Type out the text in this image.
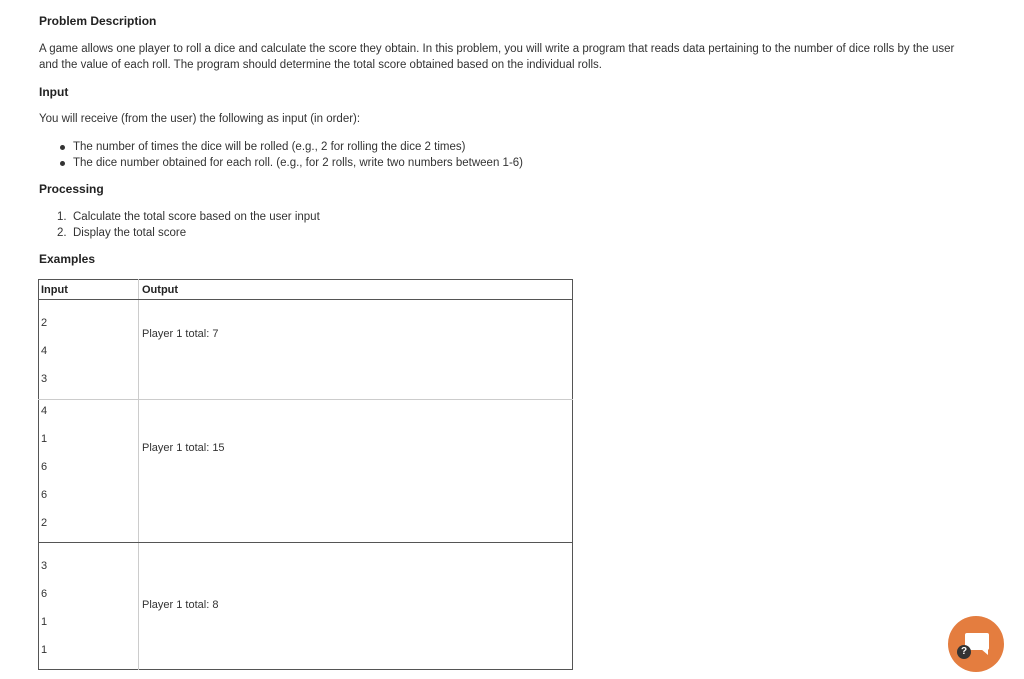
Problem Description
A game allows one player to roll a dice and calculate the score they obtain. In this problem, you will write a program that reads data pertaining to the number of dice rolls by the user and the value of each roll. The program should determine the total score obtained based on the individual rolls.
Input
You will receive (from the user) the following as input (in order):
The number of times the dice will be rolled (e.g., 2 for rolling the dice 2 times)
The dice number obtained for each roll. (e.g., for 2 rolls, write two numbers between 1-6)
Processing
1. Calculate the total score based on the user input
2. Display the total score
Examples
Input	Output

2
4
3	Player 1 total: 7

4
1
6
6
2	Player 1 total: 15

3
6
1
1	Player 1 total: 8
?
